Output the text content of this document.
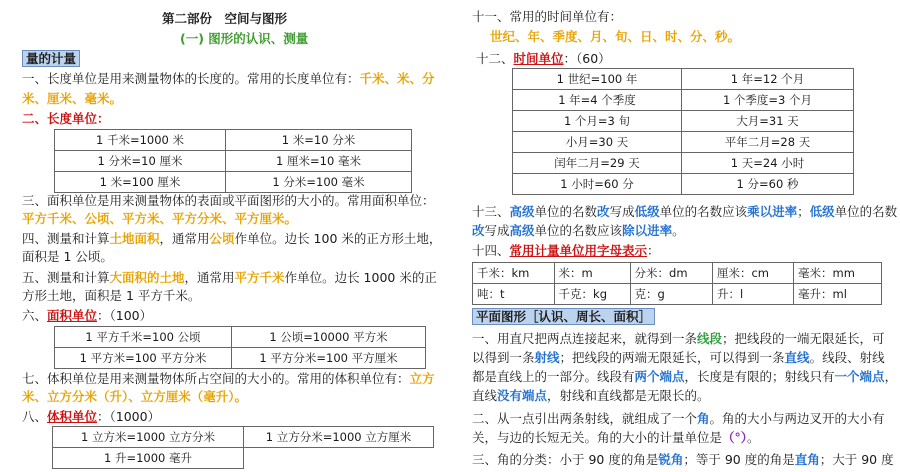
第二部份　空间与图形
(一) 图形的认识、测量
量的计量
一、长度单位是用来测量物体的长度的。常用的长度单位有：千米、米、分
米、厘米、毫米。
二、长度单位：
1 千米=1000 米	1 米=10 分米
1 分米=10 厘米	1 厘米=10 毫米
1 米=100 厘米	1 分米=100 毫米
三、面积单位是用来测量物体的表面或平面图形的大小的。常用面积单位：
平方千米、公顷、平方米、平方分米、平方厘米。
四、测量和计算土地面积，通常用公顷作单位。边长 100 米的正方形土地，
面积是 1 公顷。
五、测量和计算大面积的土地，通常用平方千米作单位。边长 1000 米的正
方形土地，面积是 1 平方千米。
六、面积单位：（100）
1 平方千米=100 公顷	1 公顷=10000 平方米
1 平方米=100 平方分米	1 平方分米=100 平方厘米
七、体积单位是用来测量物体所占空间的大小的。常用的体积单位有：立方
米、立方分米（升）、立方厘米（毫升）。
八、体积单位：（1000）
1 立方米=1000 立方分米	1 立方分米=1000 立方厘米
1 升=1000 毫升	
十一、常用的时间单位有：
世纪、年、季度、月、旬、日、时、分、秒。
十二、时间单位：（60）
1 世纪=100 年	1 年=12 个月
1 年=4 个季度	1 个季度=3 个月
1 个月=3 旬	大月=31 天
小月=30 天	平年二月=28 天
闰年二月=29 天	1 天=24 小时
1 小时=60 分	1 分=60 秒
十三、高级单位的名数改写成低级单位的名数应该乘以进率；低级单位的名数
改写成高级单位的名数应该除以进率。
十四、常用计量单位用字母表示：
千米：km	米：m	分米：dm	厘米：cm	毫米：mm
吨：t	千克：kg	克：g	升：l	毫升：ml
平面图形［认识、周长、面积］
一、用直尺把两点连接起来，就得到一条线段；把线段的一端无限延长，可
以得到一条射线；把线段的两端无限延长，可以得到一条直线。线段、射线
都是直线上的一部分。线段有两个端点，长度是有限的；射线只有一个端点，
直线没有端点，射线和直线都是无限长的。
二、从一点引出两条射线，就组成了一个角。角的大小与两边叉开的大小有
关，与边的长短无关。角的大小的计量单位是（°）。
三、角的分类：小于 90 度的角是锐角；等于 90 度的角是直角；大于 90 度
